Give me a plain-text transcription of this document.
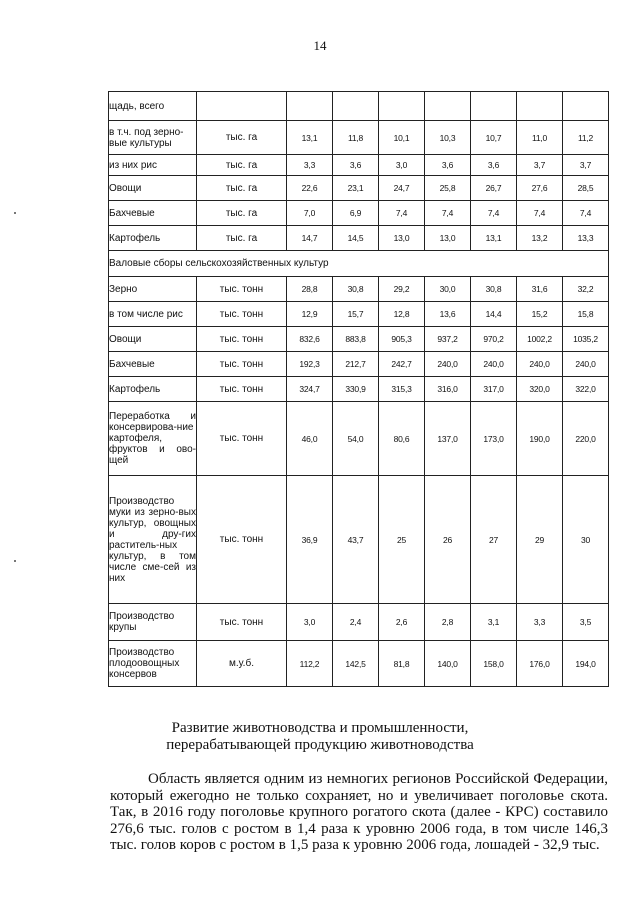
14
щадь, всего								
в т.ч. под зерно-вые культуры	тыс. га	13,1	11,8	10,1	10,3	10,7	11,0	11,2
из них рис	тыс. га	3,3	3,6	3,0	3,6	3,6	3,7	3,7
Овощи	тыс. га	22,6	23,1	24,7	25,8	26,7	27,6	28,5
Бахчевые	тыс. га	7,0	6,9	7,4	7,4	7,4	7,4	7,4
Картофель	тыс. га	14,7	14,5	13,0	13,0	13,1	13,2	13,3
Валовые сборы сельскохозяйственных культур								
Зерно	тыс. тонн	28,8	30,8	29,2	30,0	30,8	31,6	32,2
в том числе рис	тыс. тонн	12,9	15,7	12,8	13,6	14,4	15,2	15,8
Овощи	тыс. тонн	832,6	883,8	905,3	937,2	970,2	1002,2	1035,2
Бахчевые	тыс. тонн	192,3	212,7	242,7	240,0	240,0	240,0	240,0
Картофель	тыс. тонн	324,7	330,9	315,3	316,0	317,0	320,0	322,0
Переработка и консервирова-ние картофеля, фруктов и ово-щей	тыс. тонн	46,0	54,0	80,6	137,0	173,0	190,0	220,0
Производство муки из зерно-вых культур, овощных и дру-гих раститель-ных культур, в том числе сме-сей из них	тыс. тонн	36,9	43,7	25	26	27	29	30
Производство крупы	тыс. тонн	3,0	2,4	2,6	2,8	3,1	3,3	3,5
Производство плодоовощных консервов	м.у.б.	112,2	142,5	81,8	140,0	158,0	176,0	194,0
Развитие животноводства и промышленности,
перерабатывающей продукцию животноводства

Область является одним из немногих регионов Российской Федерации, который ежегодно не только сохраняет, но и увеличивает поголовье скота. Так, в 2016 году поголовье крупного рогатого скота (далее - КРС) составило 276,6 тыс. голов с ростом в 1,4 раза к уровню 2006 года, в том числе 146,3 тыс. голов коров с ростом в 1,5 раза к уровню 2006 года, лошадей - 32,9 тыс.
